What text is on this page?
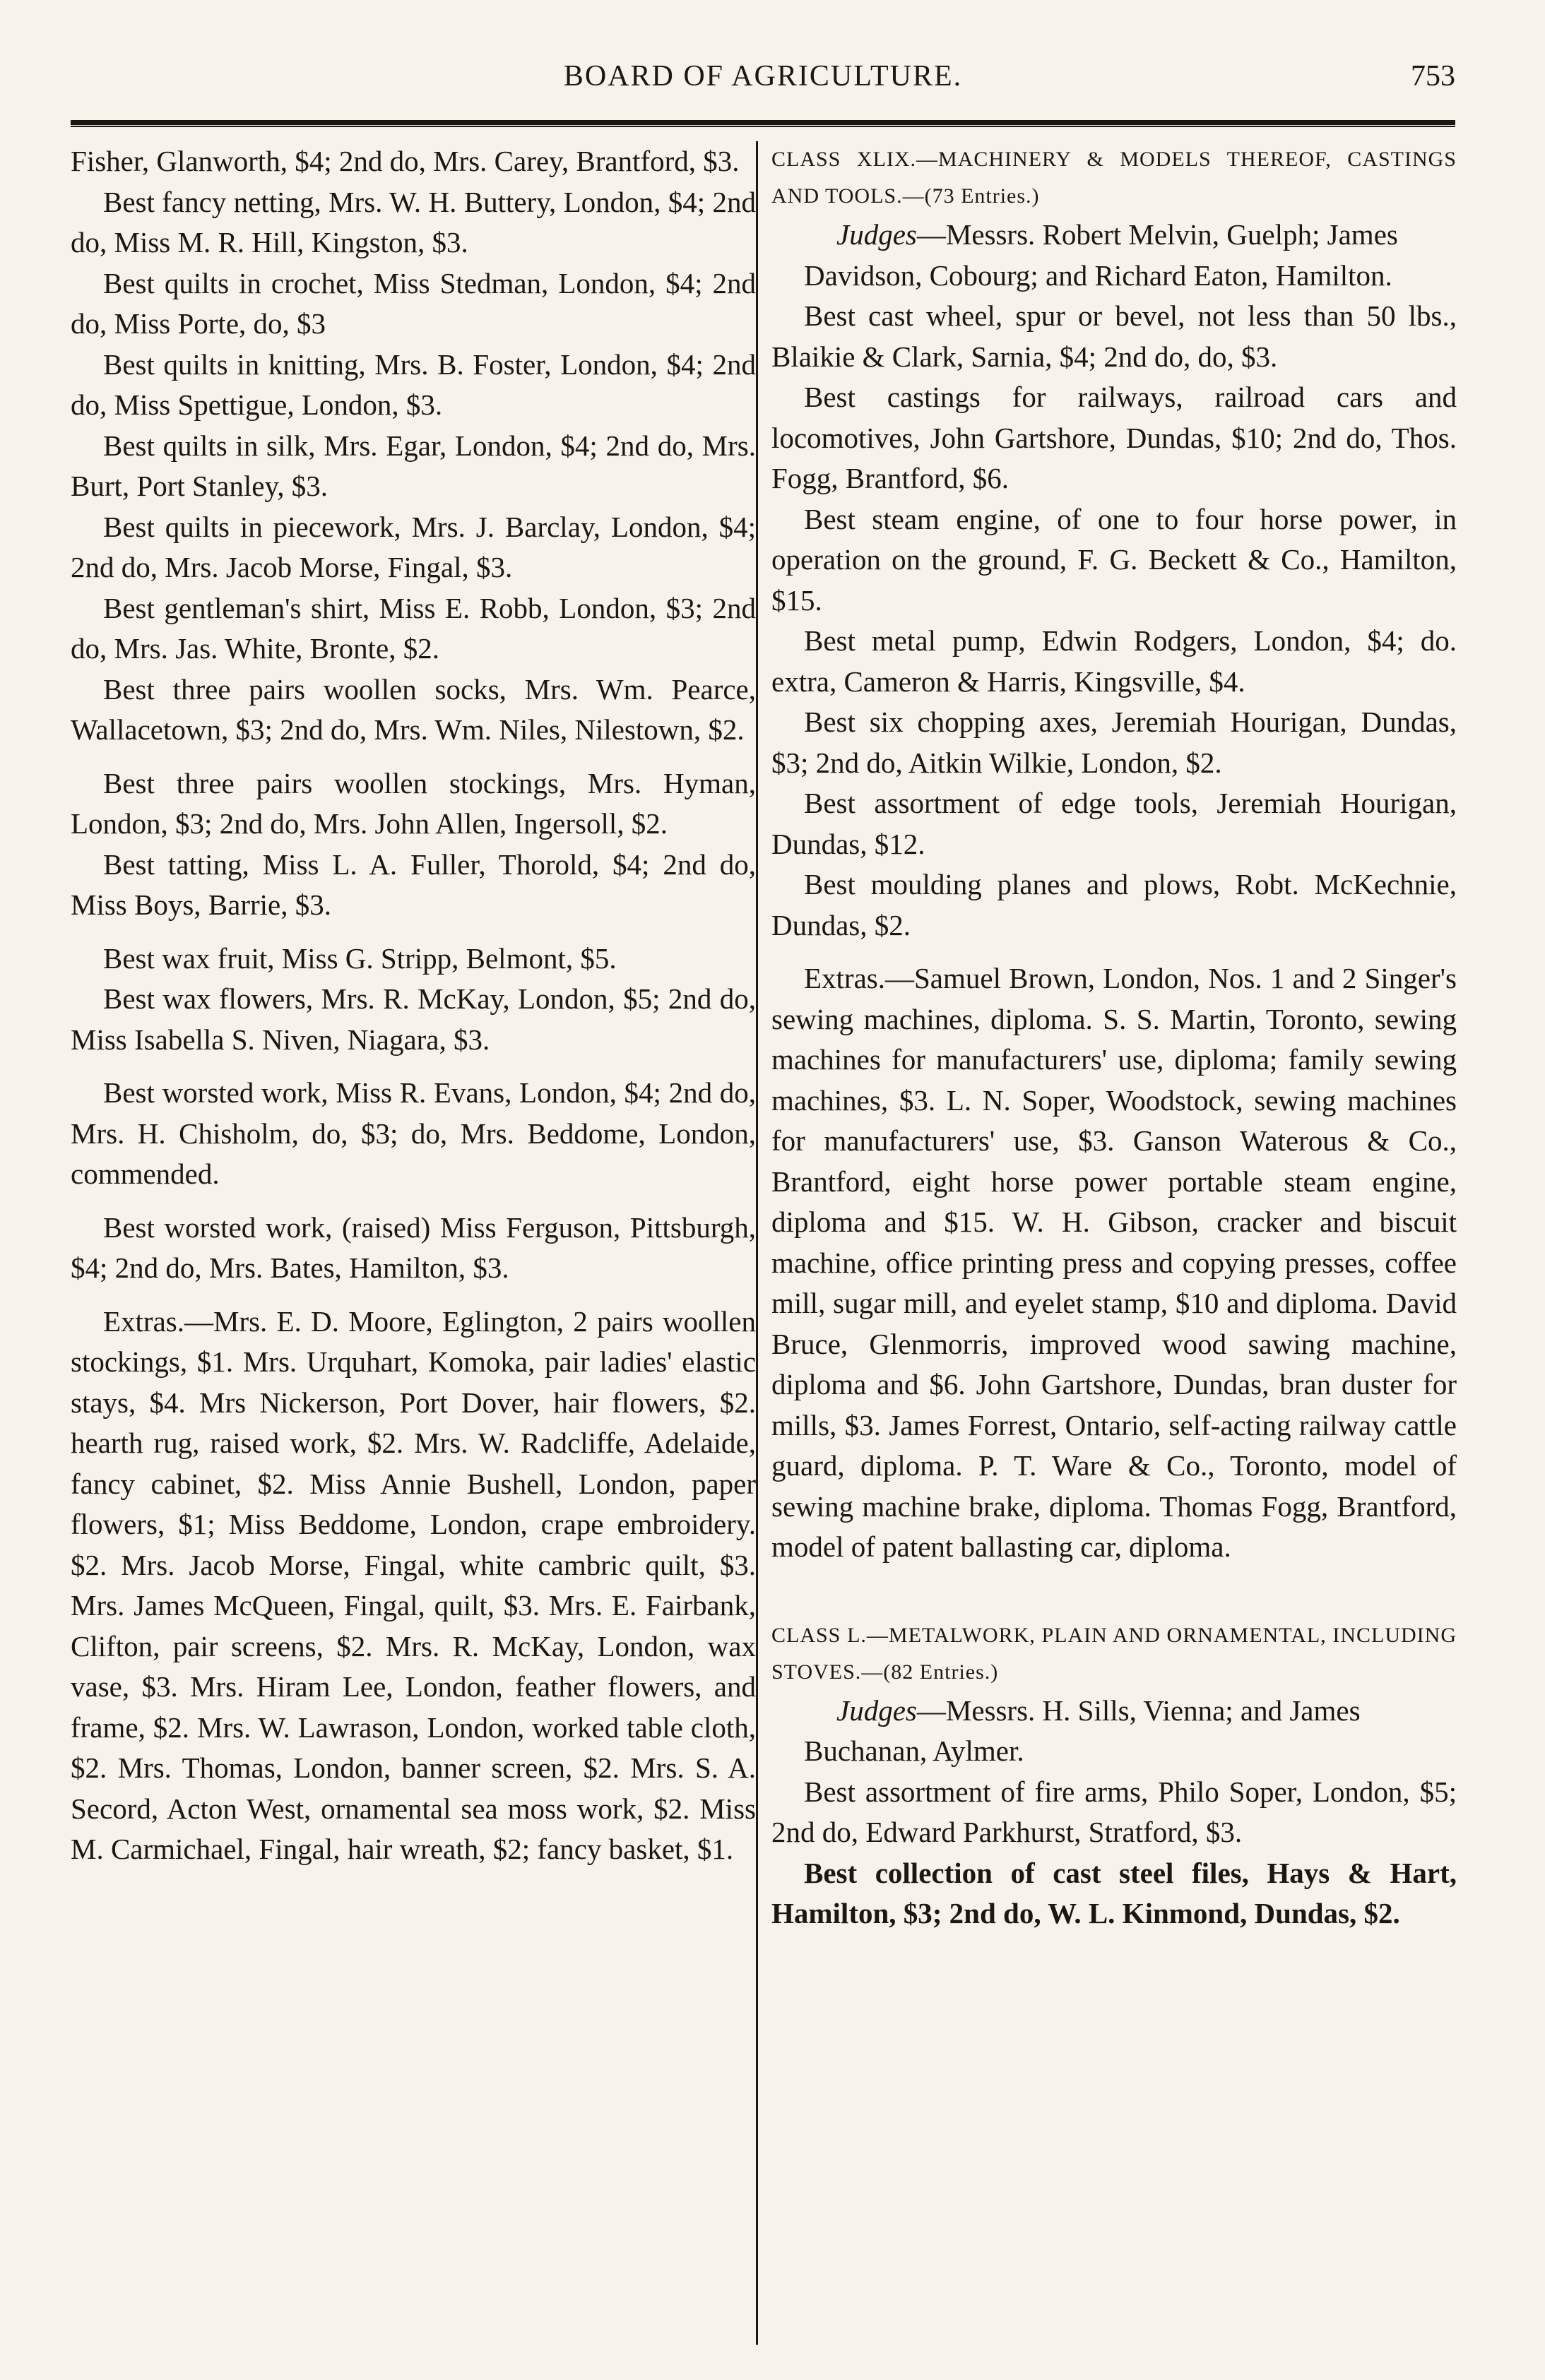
BOARD OF AGRICULTURE.	753

Fisher, Glanworth, $4; 2nd do, Mrs. Carey, Brantford, $3.

Best fancy netting, Mrs. W. H. Buttery, London, $4; 2nd do, Miss M. R. Hill, Kingston, $3.

Best quilts in crochet, Miss Stedman, London, $4; 2nd do, Miss Porte, do, $3

Best quilts in knitting, Mrs. B. Foster, London, $4; 2nd do, Miss Spettigue, London, $3.

Best quilts in silk, Mrs. Egar, London, $4; 2nd do, Mrs. Burt, Port Stanley, $3.

Best quilts in piecework, Mrs. J. Barclay, London, $4; 2nd do, Mrs. Jacob Morse, Fingal, $3.

Best gentleman's shirt, Miss E. Robb, London, $3; 2nd do, Mrs. Jas. White, Bronte, $2.

Best three pairs woollen socks, Mrs. Wm. Pearce, Wallacetown, $3; 2nd do, Mrs. Wm. Niles, Nilestown, $2.

Best three pairs woollen stockings, Mrs. Hyman, London, $3; 2nd do, Mrs. John Allen, Ingersoll, $2.

Best tatting, Miss L. A. Fuller, Thorold, $4; 2nd do, Miss Boys, Barrie, $3.

Best wax fruit, Miss G. Stripp, Belmont, $5.

Best wax flowers, Mrs. R. McKay, London, $5; 2nd do, Miss Isabella S. Niven, Niagara, $3.

Best worsted work, Miss R. Evans, London, $4; 2nd do, Mrs. H. Chisholm, do, $3; do, Mrs. Beddome, London, commended.

Best worsted work, (raised) Miss Ferguson, Pittsburgh, $4; 2nd do, Mrs. Bates, Hamilton, $3.

Extras.—Mrs. E. D. Moore, Eglington, 2 pairs woollen stockings, $1. Mrs. Urquhart, Komoka, pair ladies' elastic stays, $4. Mrs Nickerson, Port Dover, hair flowers, $2. hearth rug, raised work, $2. Mrs. W. Radcliffe, Adelaide, fancy cabinet, $2. Miss Annie Bushell, London, paper flowers, $1; Miss Beddome, London, crape embroidery. $2. Mrs. Jacob Morse, Fingal, white cambric quilt, $3. Mrs. James McQueen, Fingal, quilt, $3. Mrs. E. Fairbank, Clifton, pair screens, $2. Mrs. R. McKay, London, wax vase, $3. Mrs. Hiram Lee, London, feather flowers, and frame, $2. Mrs. W. Lawrason, London, worked table cloth, $2. Mrs. Thomas, London, banner screen, $2. Mrs. S. A. Secord, Acton West, ornamental sea moss work, $2. Miss M. Carmichael, Fingal, hair wreath, $2; fancy basket, $1.

CLASS XLIX.—MACHINERY & MODELS THEREOF, CASTINGS AND TOOLS.—(73 Entries.)

Judges—Messrs. Robert Melvin, Guelph; James Davidson, Cobourg; and Richard Eaton, Hamilton.

Best cast wheel, spur or bevel, not less than 50 lbs., Blaikie & Clark, Sarnia, $4; 2nd do, do, $3.

Best castings for railways, railroad cars and locomotives, John Gartshore, Dundas, $10; 2nd do, Thos. Fogg, Brantford, $6.

Best steam engine, of one to four horse power, in operation on the ground, F. G. Beckett & Co., Hamilton, $15.

Best metal pump, Edwin Rodgers, London, $4; do. extra, Cameron & Harris, Kingsville, $4.

Best six chopping axes, Jeremiah Hourigan, Dundas, $3; 2nd do, Aitkin Wilkie, London, $2.

Best assortment of edge tools, Jeremiah Hourigan, Dundas, $12.

Best moulding planes and plows, Robt. McKechnie, Dundas, $2.

Extras.—Samuel Brown, London, Nos. 1 and 2 Singer's sewing machines, diploma. S. S. Martin, Toronto, sewing machines for manufacturers' use, diploma; family sewing machines, $3. L. N. Soper, Woodstock, sewing machines for manufacturers' use, $3. Ganson Waterous & Co., Brantford, eight horse power portable steam engine, diploma and $15. W. H. Gibson, cracker and biscuit machine, office printing press and copying presses, coffee mill, sugar mill, and eyelet stamp, $10 and diploma. David Bruce, Glenmorris, improved wood sawing machine, diploma and $6. John Gartshore, Dundas, bran duster for mills, $3. James Forrest, Ontario, self-acting railway cattle guard, diploma. P. T. Ware & Co., Toronto, model of sewing machine brake, diploma. Thomas Fogg, Brantford, model of patent ballasting car, diploma.

CLASS L.—METALWORK, PLAIN AND ORNAMENTAL, INCLUDING STOVES.—(82 Entries.)

Judges—Messrs. H. Sills, Vienna; and James Buchanan, Aylmer.

Best assortment of fire arms, Philo Soper, London, $5; 2nd do, Edward Parkhurst, Stratford, $3.

Best collection of cast steel files, Hays & Hart, Hamilton, $3; 2nd do, W. L. Kinmond, Dundas, $2.
